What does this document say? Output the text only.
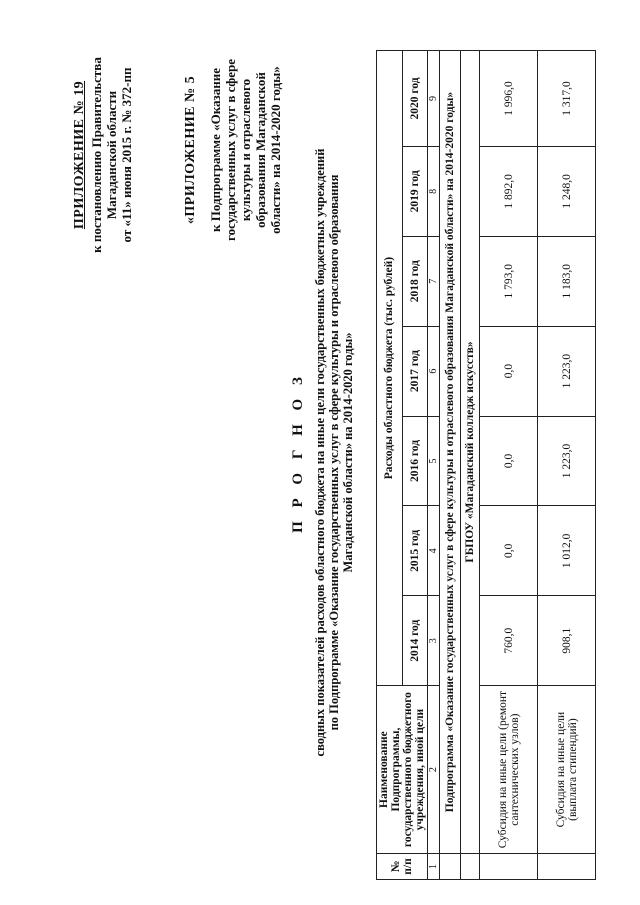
ПРИЛОЖЕНИЕ № 19 к постановлению Правительства Магаданской области от «11» июня 2015 г. № 372-пп	«ПРИЛОЖЕНИЕ № 5 к Подпрограмме «Оказание государственных услуг в сфере культуры и отраслевого образования Магаданской области» на 2014-2020 годы»
П Р О Г Н О З сводных показателей расходов областного бюджета на иные цели государственных бюджетных учреждений по Подпрограмме «Оказание государственных услуг в сфере культуры и отраслевого образования Магаданской области» на 2014-2020 годы»
№ п/п	Наименование Подпрограммы, государственного бюджетного учреждения, иной цели	Расходы областного бюджета (тыс. рублей)						
		2014 год	2015 год	2016 год	2017 год	2018 год	2019 год	2020 год
1	2	3	4	5	6	7	8	9
	Подпрограмма «Оказание государственных услуг в сфере культуры и отраслевого образования Магаданской области» на 2014-2020 годы»							
	ГБПОУ «Магаданский колледж искусств»							
	Субсидия на иные цели (ремонт сантехнических узлов)	760,0	0,0	0,0	0,0	1 793,0	1 892,0	1 996,0
	Субсидия на иные цели (выплата стипендий)	908,1	1 012,0	1 223,0	1 223,0	1 183,0	1 248,0	1 317,0
